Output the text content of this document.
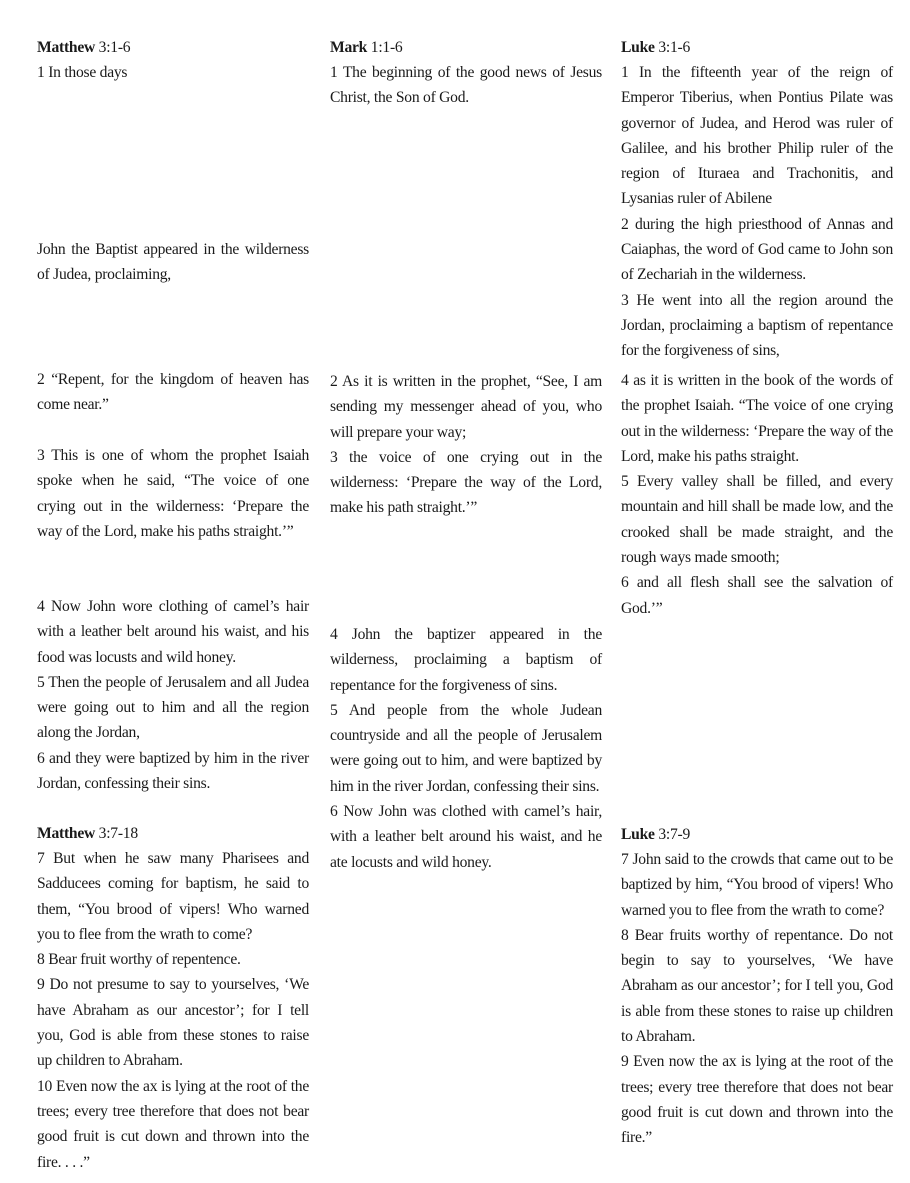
Matthew 3:1-6

1 In those days

John the Baptist appeared in the wilderness of Judea, proclaiming,

2 “Repent, for the kingdom of heaven has come near.”

3 This is one of whom the prophet Isaiah spoke when he said, “The voice of one crying out in the wilderness: ‘Prepare the way of the Lord, make his paths straight.’”

4 Now John wore clothing of camel’s hair with a leather belt around his waist, and his food was locusts and wild honey.

5 Then the people of Jerusalem and all Judea were going out to him and all the region along the Jordan,

6 and they were baptized by him in the river Jordan, confessing their sins.

Matthew 3:7-18

7 But when he saw many Pharisees and Sadducees coming for baptism, he said to them, “You brood of vipers! Who warned you to flee from the wrath to come?

8 Bear fruit worthy of repentence.

9 Do not presume to say to yourselves, ‘We have Abraham as our ancestor’; for I tell you, God is able from these stones to raise up children to Abraham.

10 Even now the ax is lying at the root of the trees; every tree therefore that does not bear good fruit is cut down and thrown into the fire. . . .”

Mark 1:1-6

1 The beginning of the good news of Jesus Christ, the Son of God.

2 As it is written in the prophet, “See, I am sending my messenger ahead of you, who will prepare your way;

3 the voice of one crying out in the wilderness: ‘Prepare the way of the Lord, make his path straight.’”

4 John the baptizer appeared in the wilderness, proclaiming a baptism of repentance for the forgiveness of sins.

5 And people from the whole Judean countryside and all the people of Jerusalem were going out to him, and were baptized by him in the river Jordan, confessing their sins.

6 Now John was clothed with camel’s hair, with a leather belt around his waist, and he ate locusts and wild honey.

Luke 3:1-6

1 In the fifteenth year of the reign of Emperor Tiberius, when Pontius Pilate was governor of Judea, and Herod was ruler of Galilee, and his brother Philip ruler of the region of Ituraea and Trachonitis, and Lysanias ruler of Abilene

2 during the high priesthood of Annas and Caiaphas, the word of God came to John son of Zechariah in the wilderness.

3 He went into all the region around the Jordan, proclaiming a baptism of repentance for the forgiveness of sins,

4 as it is written in the book of the words of the prophet Isaiah. “The voice of one crying out in the wilderness: ‘Prepare the way of the Lord, make his paths straight.

5 Every valley shall be filled, and every mountain and hill shall be made low, and the crooked shall be made straight, and the rough ways made smooth;

6 and all flesh shall see the salvation of God.’”

Luke 3:7-9

7 John said to the crowds that came out to be baptized by him, “You brood of vipers! Who warned you to flee from the wrath to come?

8 Bear fruits worthy of repentance. Do not begin to say to yourselves, ‘We have Abraham as our ancestor’; for I tell you, God is able from these stones to raise up children to Abraham.

9 Even now the ax is lying at the root of the trees; every tree therefore that does not bear good fruit is cut down and thrown into the fire.”
